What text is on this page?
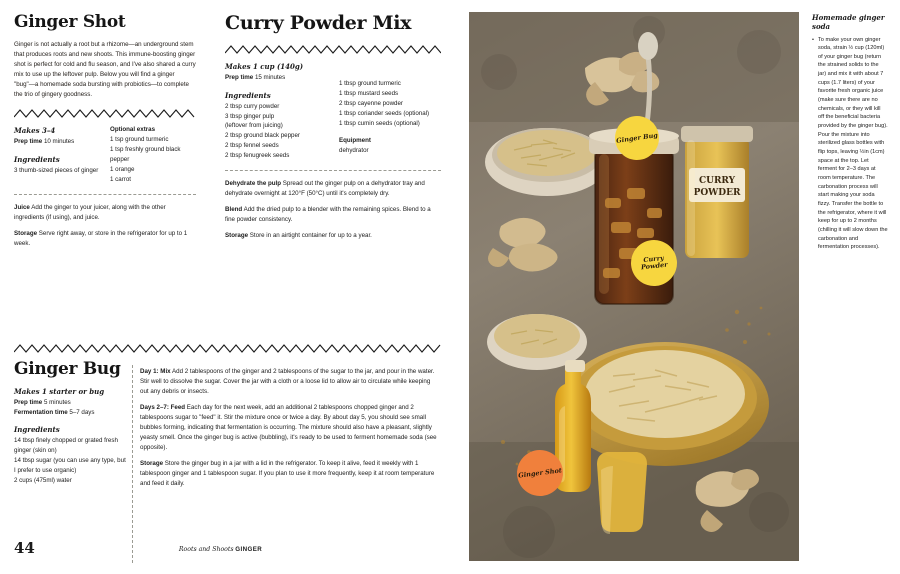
Ginger Shot

Ginger is not actually a root but a rhizome—an underground stem that produces roots and new shoots. This immune-boosting ginger shot is perfect for cold and flu season, and I've also shared a curry mix to use up the leftover pulp. Below you will find a ginger "bug"—a homemade soda bursting with probiotics—to complete the trio of gingery goodness.

Makes 3–4
Prep time 10 minutes
Ingredients
3 thumb-sized pieces of ginger
Optional extras
1 tsp ground turmeric
1 tsp freshly ground black pepper
1 orange
1 carrot

Juice Add the ginger to your juicer, along with the other ingredients (if using), and juice.

Storage Serve right away, or store in the refrigerator for up to 1 week.

Curry Powder Mix
Makes 1 cup (140g)
Prep time 15 minutes
Ingredients
2 tbsp curry powder
3 tbsp ginger pulp
(leftover from juicing)
2 tbsp ground black pepper
2 tbsp fennel seeds
2 tbsp fenugreek seeds
1 tbsp ground turmeric
1 tbsp mustard seeds
2 tbsp cayenne powder
1 tbsp coriander seeds (optional)
1 tbsp cumin seeds (optional)
Equipment
dehydrator

Dehydrate the pulp Spread out the ginger pulp on a dehydrator tray and dehydrate overnight at 120°F (50°C) until it's completely dry.

Blend Add the dried pulp to a blender with the remaining spices. Blend to a fine powder consistency.

Storage Store in an airtight container for up to a year.

Ginger Bug
Makes 1 starter or bug
Prep time 5 minutes
Fermentation time 5–7 days
Ingredients
14 tbsp finely chopped or grated fresh ginger (skin on)
14 tbsp sugar (you can use any type, but I prefer to use organic)
2 cups (475ml) water

Day 1: Mix Add 2 tablespoons of the ginger and 2 tablespoons of the sugar to the jar, and pour in the water. Stir well to dissolve the sugar. Cover the jar with a cloth or a loose lid to allow air to circulate while keeping out any debris or insects.

Days 2–7: Feed Each day for the next week, add an additional 2 tablespoons chopped ginger and 2 tablespoons sugar to "feed" it. Stir the mixture once or twice a day. By about day 5, you should see small bubbles forming, indicating that fermentation is occurring. The mixture should also have a pleasant, slightly yeasty smell. Once the ginger bug is active (bubbling), it's ready to be used to ferment homemade soda (see opposite).

Storage Store the ginger bug in a jar with a lid in the refrigerator. To keep it alive, feed it weekly with 1 tablespoon ginger and 1 tablespoon sugar. If you plan to use it more frequently, keep it at room temperature and feed it daily.

44	Roots and Shoots GINGER
CURRY
POWDER
Ginger Bug
Curry Powder
Ginger Shot
Homemade ginger soda
• To make your own ginger soda, strain ½ cup (120ml) of your ginger bug (return the strained solids to the jar) and mix it with about 7 cups (1.7 liters) of your favorite fresh organic juice (make sure there are no chemicals, or they will kill off the beneficial bacteria provided by the ginger bug). Pour the mixture into sterilized glass bottles with flip tops, leaving ½in (1cm) space at the top. Let ferment for 2–3 days at room temperature. The carbonation process will start making your soda fizzy. Transfer the bottle to the refrigerator, where it will keep for up to 2 months (chilling it will slow down the carbonation and fermentation processes).
